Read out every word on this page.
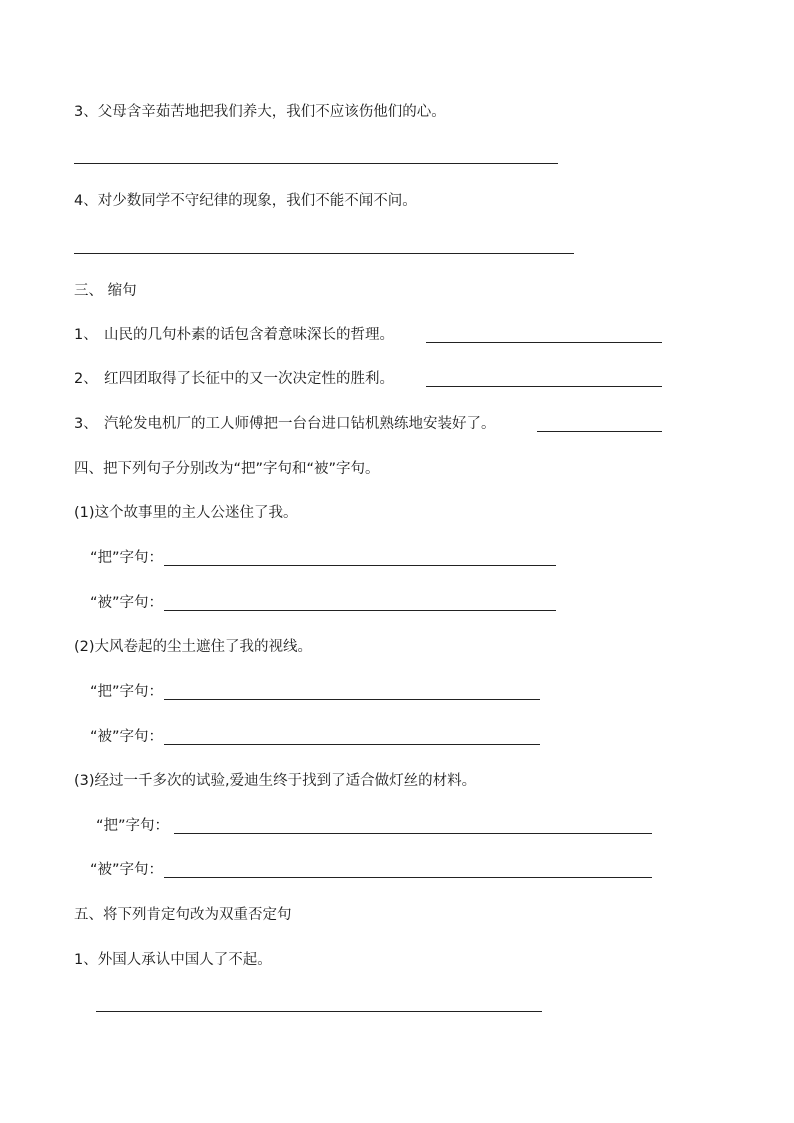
3、父母含辛茹苦地把我们养大，我们不应该伤他们的心。
4、对少数同学不守纪律的现象，我们不能不闻不问。
三、 缩句
1、 山民的几句朴素的话包含着意味深长的哲理。
2、 红四团取得了长征中的又一次决定性的胜利。
3、 汽轮发电机厂的工人师傅把一台台进口钻机熟练地安装好了。
四、把下列句子分别改为“把”字句和“被”字句。
(1)这个故事里的主人公迷住了我。
“把”字句：
“被”字句：
(2)大风卷起的尘土遮住了我的视线。
“把”字句：
“被”字句：
(3)经过一千多次的试验,爱迪生终于找到了适合做灯丝的材料。
“把”字句：
“被”字句：
五、将下列肯定句改为双重否定句
1、外国人承认中国人了不起。
